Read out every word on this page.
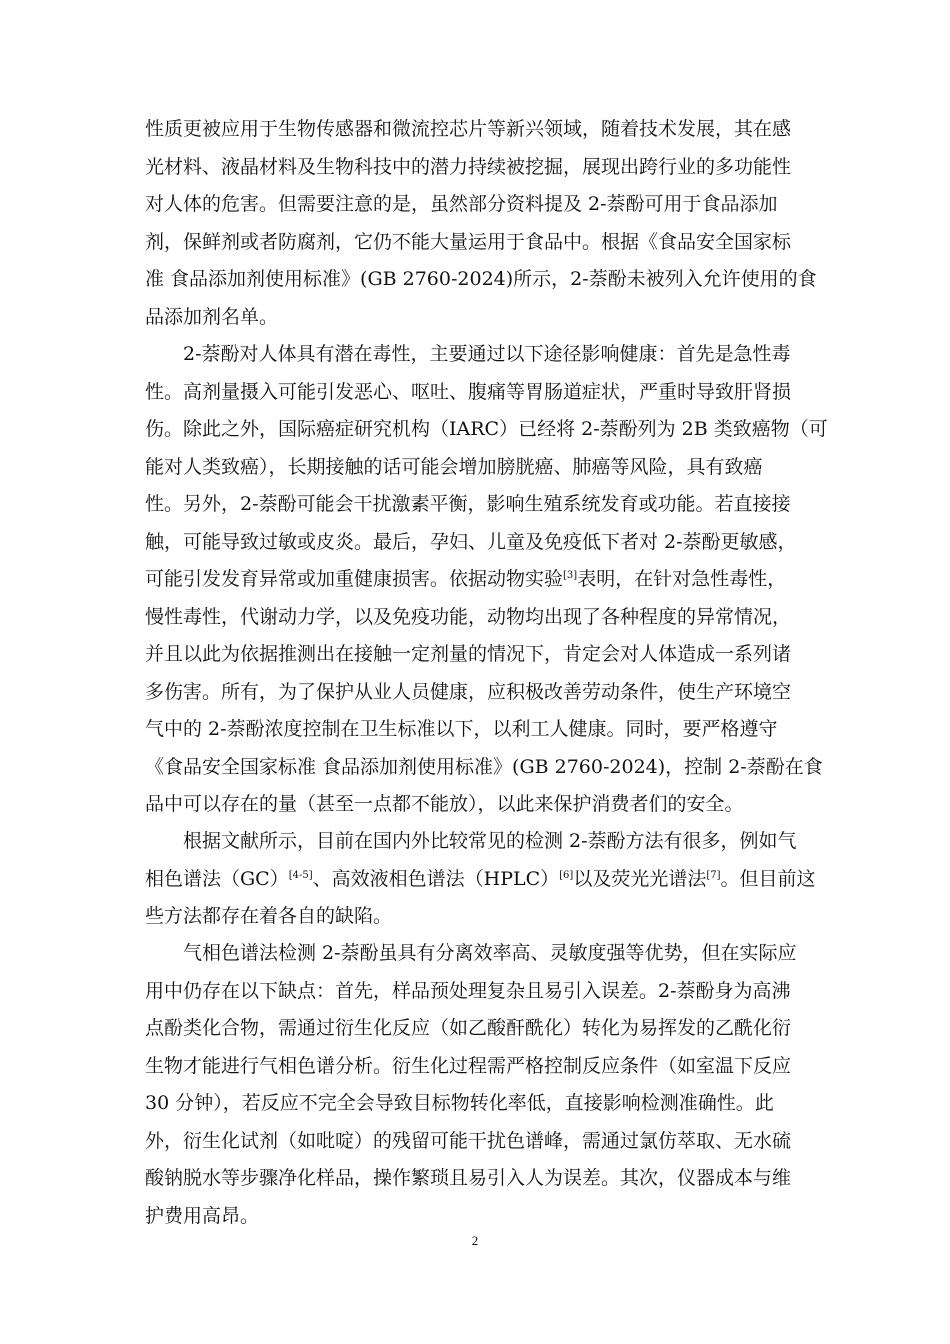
性质更被应用于生物传感器和微流控芯片等新兴领域，随着技术发展，其在感
光材料、液晶材料及生物科技中的潜力持续被挖掘，展现出跨行业的多功能性
对人体的危害。但需要注意的是，虽然部分资料提及 2-萘酚可用于食品添加
剂，保鲜剂或者防腐剂，它仍不能大量运用于食品中。根据《食品安全国家标
准 食品添加剂使用标准》(GB 2760-2024)所示，2-萘酚未被列入允许使用的食
品添加剂名单。
2-萘酚对人体具有潜在毒性，主要通过以下途径影响健康：首先是急性毒
性。高剂量摄入可能引发恶心、呕吐、腹痛等胃肠道症状，严重时导致肝肾损
伤。除此之外，国际癌症研究机构（IARC）已经将 2-萘酚列为 2B 类致癌物（可
能对人类致癌），长期接触的话可能会增加膀胱癌、肺癌等风险，具有致癌
性。另外，2-萘酚可能会干扰激素平衡，影响生殖系统发育或功能。若直接接
触，可能导致过敏或皮炎。最后，孕妇、儿童及免疫低下者对 2-萘酚更敏感，
可能引发发育异常或加重健康损害。依据动物实验[3]表明，在针对急性毒性，
慢性毒性，代谢动力学，以及免疫功能，动物均出现了各种程度的异常情况，
并且以此为依据推测出在接触一定剂量的情况下，肯定会对人体造成一系列诸
多伤害。所有，为了保护从业人员健康，应积极改善劳动条件，使生产环境空
气中的 2-萘酚浓度控制在卫生标准以下，以利工人健康。同时，要严格遵守
《食品安全国家标准 食品添加剂使用标准》(GB 2760-2024)，控制 2-萘酚在食
品中可以存在的量（甚至一点都不能放），以此来保护消费者们的安全。
根据文献所示，目前在国内外比较常见的检测 2-萘酚方法有很多，例如气
相色谱法（GC）[4-5]、高效液相色谱法（HPLC）[6]以及荧光光谱法[7]。但目前这
些方法都存在着各自的缺陷。
气相色谱法检测 2-萘酚虽具有分离效率高、灵敏度强等优势，但在实际应
用中仍存在以下缺点：首先，样品预处理复杂且易引入误差。2-萘酚身为高沸
点酚类化合物，需通过衍生化反应（如乙酸酐酰化）转化为易挥发的乙酰化衍
生物才能进行气相色谱分析。衍生化过程需严格控制反应条件（如室温下反应
30 分钟），若反应不完全会导致目标物转化率低，直接影响检测准确性。此
外，衍生化试剂（如吡啶）的残留可能干扰色谱峰，需通过氯仿萃取、无水硫
酸钠脱水等步骤净化样品，操作繁琐且易引入人为误差。其次，仪器成本与维
护费用高昂。
2
